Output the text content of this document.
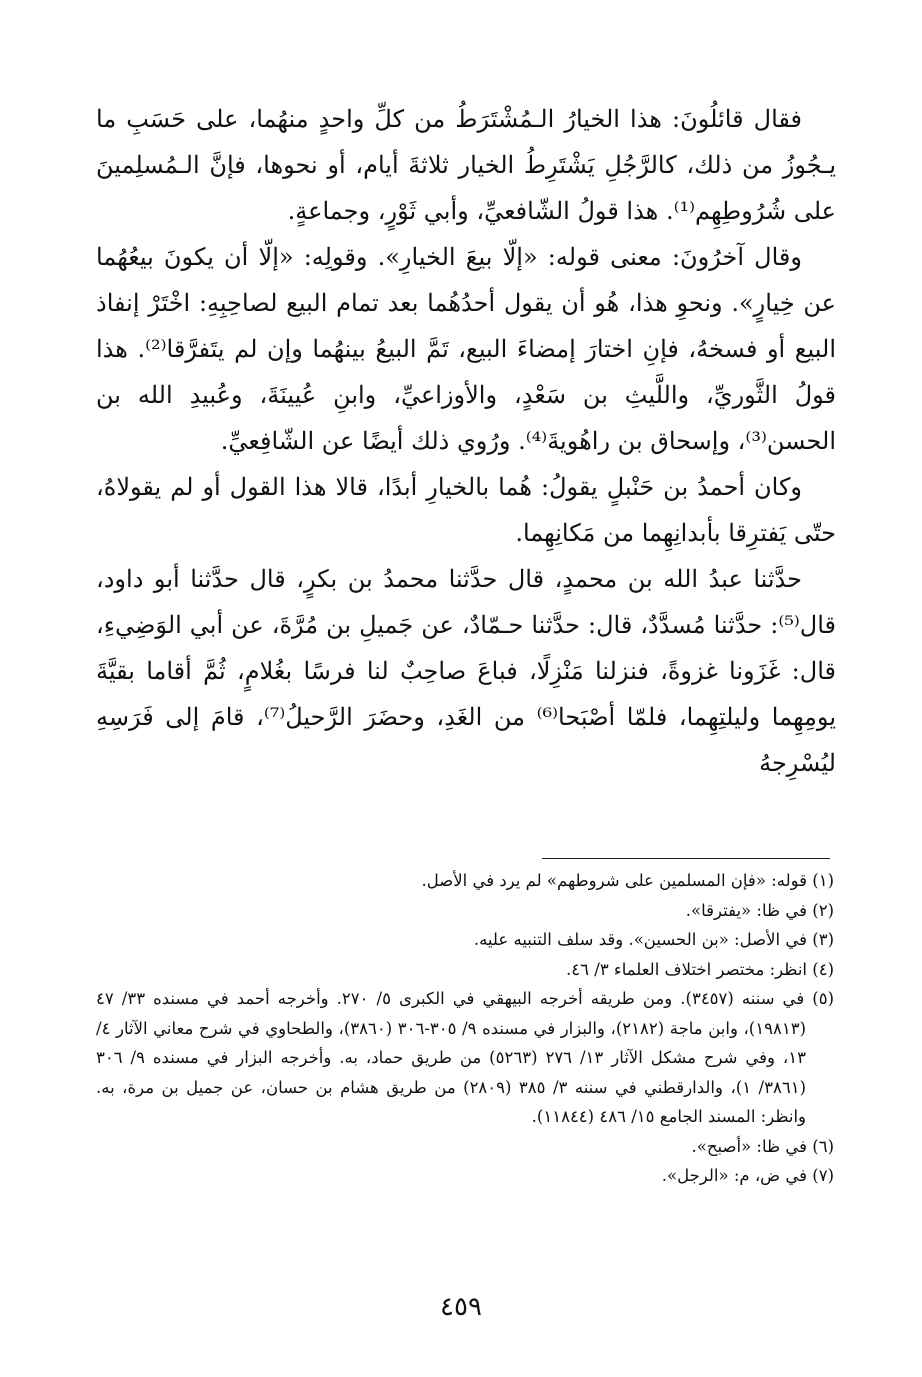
فقال قائلُونَ: هذا الخيارُ الـمُشْتَرَطُ من كلِّ واحدٍ منهُما، على حَسَبِ ما يـجُوزُ من ذلك، كالرَّجُلِ يَشْتَرِطُ الخيار ثلاثةَ أيام، أو نحوها، فإنَّ الـمُسلِمينَ على شُرُوطِهِم⁽¹⁾. هذا قولُ الشّافعيِّ، وأبي ثَوْرٍ، وجماعةٍ.

وقال آخرُونَ: معنى قوله: «إلّا بيعَ الخيارِ». وقولِه: «إلّا أن يكونَ بيعُهُما عن خِيارٍ». ونحوِ هذا، هُو أن يقول أحدُهُما بعد تمام البيع لصاحِبِهِ: اخْتَرْ إنفاذ البيع أو فسخهُ، فإنِ اختارَ إمضاءَ البيع، تَمَّ البيعُ بينهُما وإن لم يتَفرَّقا⁽²⁾. هذا قولُ الثَّوريِّ، واللَّيثِ بن سَعْدٍ، والأوزاعيِّ، وابنِ عُيينَةَ، وعُبيدِ الله بن الحسن⁽³⁾، وإسحاق بن راهُويةَ⁽⁴⁾. ورُوي ذلك أيضًا عن الشّافِعيِّ.

وكان أحمدُ بن حَنْبلٍ يقولُ: هُما بالخيارِ أبدًا، قالا هذا القول أو لم يقولاهُ، حتّى يَفترِقا بأبدانِهِما من مَكانِهِما.

حدَّثنا عبدُ الله بن محمدٍ، قال حدَّثنا محمدُ بن بكرٍ، قال حدَّثنا أبو داود، قال⁽⁵⁾: حدَّثنا مُسدَّدٌ، قال: حدَّثنا حـمّادٌ، عن جَميلِ بن مُرَّةَ، عن أبي الوَضِيءِ، قال: غَزَونا غزوةً، فنزلنا مَنْزِلًا، فباعَ صاحِبٌ لنا فرسًا بغُلامٍ، ثُمَّ أقاما بقيَّةَ يومِهِما وليلتِهِما، فلمّا أصْبَحا⁽⁶⁾ من الغَدِ، وحضَرَ الرَّحيلُ⁽⁷⁾، قامَ إلى فَرَسِهِ ليُسْرِجهُ

(١) قوله: «فإن المسلمين على شروطهم» لم يرد في الأصل.

(٢) في ظا: «يفترقا».

(٣) في الأصل: «بن الحسين». وقد سلف التنبيه عليه.

(٤) انظر: مختصر اختلاف العلماء ٣/ ٤٦.

(٥) في سننه (٣٤٥٧). ومن طريقه أخرجه البيهقي في الكبرى ٥/ ٢٧٠. وأخرجه أحمد في مسنده ٣٣/ ٤٧ (١٩٨١٣)، وابن ماجة (٢١٨٢)، والبزار في مسنده ٩/ ٣٠٥-٣٠٦ (٣٨٦٠)، والطحاوي في شرح معاني الآثار ٤/ ١٣، وفي شرح مشكل الآثار ١٣/ ٢٧٦ (٥٢٦٣) من طريق حماد، به. وأخرجه البزار في مسنده ٩/ ٣٠٦ (٣٨٦١/ ١)، والدارقطني في سننه ٣/ ٣٨٥ (٢٨٠٩) من طريق هشام بن حسان، عن جميل بن مرة، به. وانظر: المسند الجامع ١٥/ ٤٨٦ (١١٨٤٤).

(٦) في ظا: «أصبح».

(٧) في ض، م: «الرجل».

٤٥٩
